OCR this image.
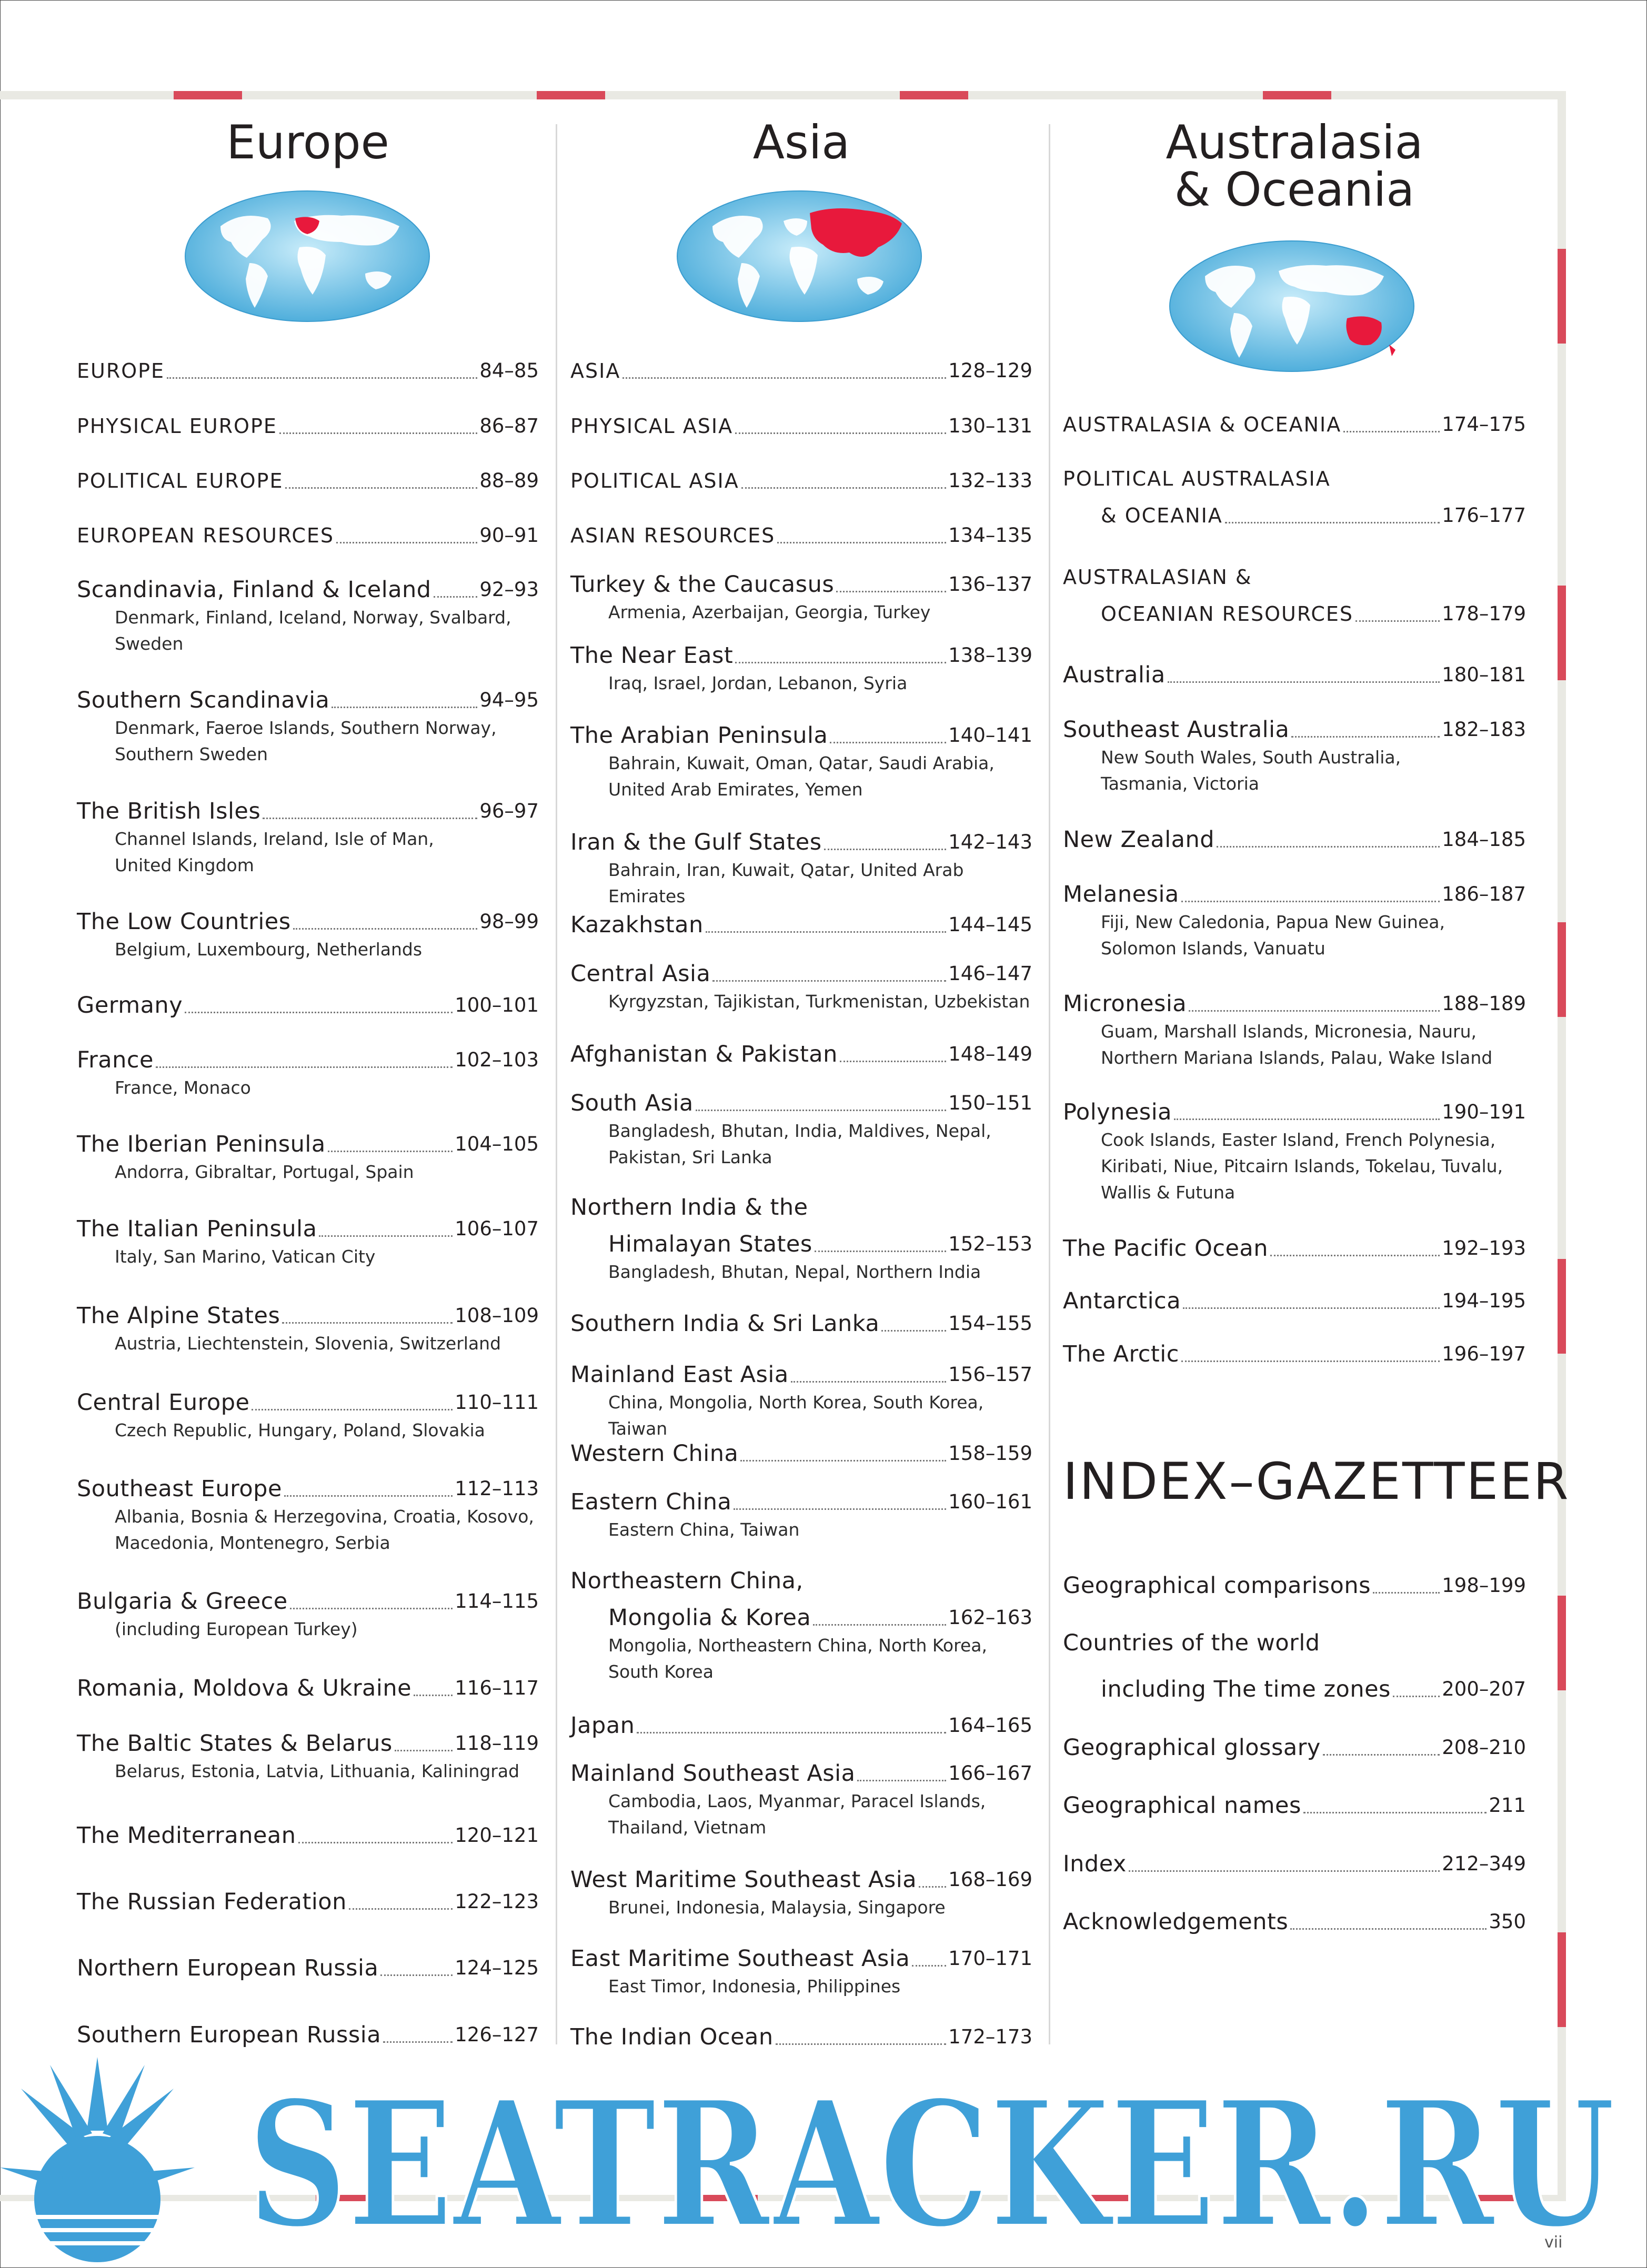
Europe	Asia	Australasia
& Oceania
INDEX–GAZETTEER
vii
SEATRACKER.RU
EUROPE	84–85
PHYSICAL EUROPE	86–87
POLITICAL EUROPE	88–89
EUROPEAN RESOURCES	90–91
Scandinavia, Finland & Iceland 92–93
Denmark, Finland, Iceland, Norway, Svalbard,
Sweden
Southern Scandinavia	94–95
Denmark, Faeroe Islands, Southern Norway,
Southern Sweden
The British Isles	96–97
Channel Islands, Ireland, Isle of Man,
United Kingdom
The Low Countries	98–99
Belgium, Luxembourg, Netherlands
Germany	100–101
France	102–103
France, Monaco
The Iberian Peninsula	104–105
Andorra, Gibraltar, Portugal, Spain
The Italian Peninsula	106–107
Italy, San Marino, Vatican City
The Alpine States	108–109
Austria, Liechtenstein, Slovenia, Switzerland
Central Europe	110–111
Czech Republic, Hungary, Poland, Slovakia
Southeast Europe	112–113
Albania, Bosnia & Herzegovina, Croatia, Kosovo,
Macedonia, Montenegro, Serbia
Bulgaria & Greece	114–115
(including European Turkey)
Romania, Moldova & Ukraine 116–117
The Baltic States & Belarus	118–119
Belarus, Estonia, Latvia, Lithuania, Kaliningrad
The Mediterranean	120–121
The Russian Federation	122–123
Northern European Russia	124–125
Southern European Russia	126–127
ASIA	128–129
PHYSICAL ASIA	130–131
POLITICAL ASIA	132–133
ASIAN RESOURCES	134–135
Turkey & the Caucasus	136–137
Armenia, Azerbaijan, Georgia, Turkey
The Near East	138–139
Iraq, Israel, Jordan, Lebanon, Syria
The Arabian Peninsula	140–141
Bahrain, Kuwait, Oman, Qatar, Saudi Arabia,
United Arab Emirates, Yemen
Iran & the Gulf States	142–143
Bahrain, Iran, Kuwait, Qatar, United Arab Emirates
Kazakhstan	144–145
Central Asia	146–147
Kyrgyzstan, Tajikistan, Turkmenistan, Uzbekistan
Afghanistan & Pakistan	148–149
South Asia	150–151
Bangladesh, Bhutan, India, Maldives, Nepal,
Pakistan, Sri Lanka
Northern India & the
Himalayan States	152–153
Bangladesh, Bhutan, Nepal, Northern India
Southern India & Sri Lanka	154–155
Mainland East Asia	156–157
China, Mongolia, North Korea, South Korea, Taiwan
Western China	158–159
Eastern China	160–161
Eastern China, Taiwan
Northeastern China,
Mongolia & Korea	162–163
Mongolia, Northeastern China, North Korea,
South Korea
Japan	164–165
Mainland Southeast Asia	166–167
Cambodia, Laos, Myanmar, Paracel Islands,
Thailand, Vietnam
West Maritime Southeast Asia 168–169
Brunei, Indonesia, Malaysia, Singapore
East Maritime Southeast Asia 170–171
East Timor, Indonesia, Philippines
The Indian Ocean	172–173
AUSTRALASIA & OCEANIA	174–175
POLITICAL AUSTRALASIA
& OCEANIA	176–177
AUSTRALASIAN &
OCEANIAN RESOURCES	178–179
Australia	180–181
Southeast Australia	182–183
New South Wales, South Australia,
Tasmania, Victoria
New Zealand	184–185
Melanesia	186–187
Fiji, New Caledonia, Papua New Guinea,
Solomon Islands, Vanuatu
Micronesia	188–189
Guam, Marshall Islands, Micronesia, Nauru,
Northern Mariana Islands, Palau, Wake Island
Polynesia	190–191
Cook Islands, Easter Island, French Polynesia,
Kiribati, Niue, Pitcairn Islands, Tokelau, Tuvalu,
Wallis & Futuna
The Pacific Ocean	192–193
Antarctica	194–195
The Arctic	196–197
Geographical comparisons	198–199
Countries of the world
including The time zones	200–207
Geographical glossary	208–210
Geographical names	211
Index	212–349
Acknowledgements	350
